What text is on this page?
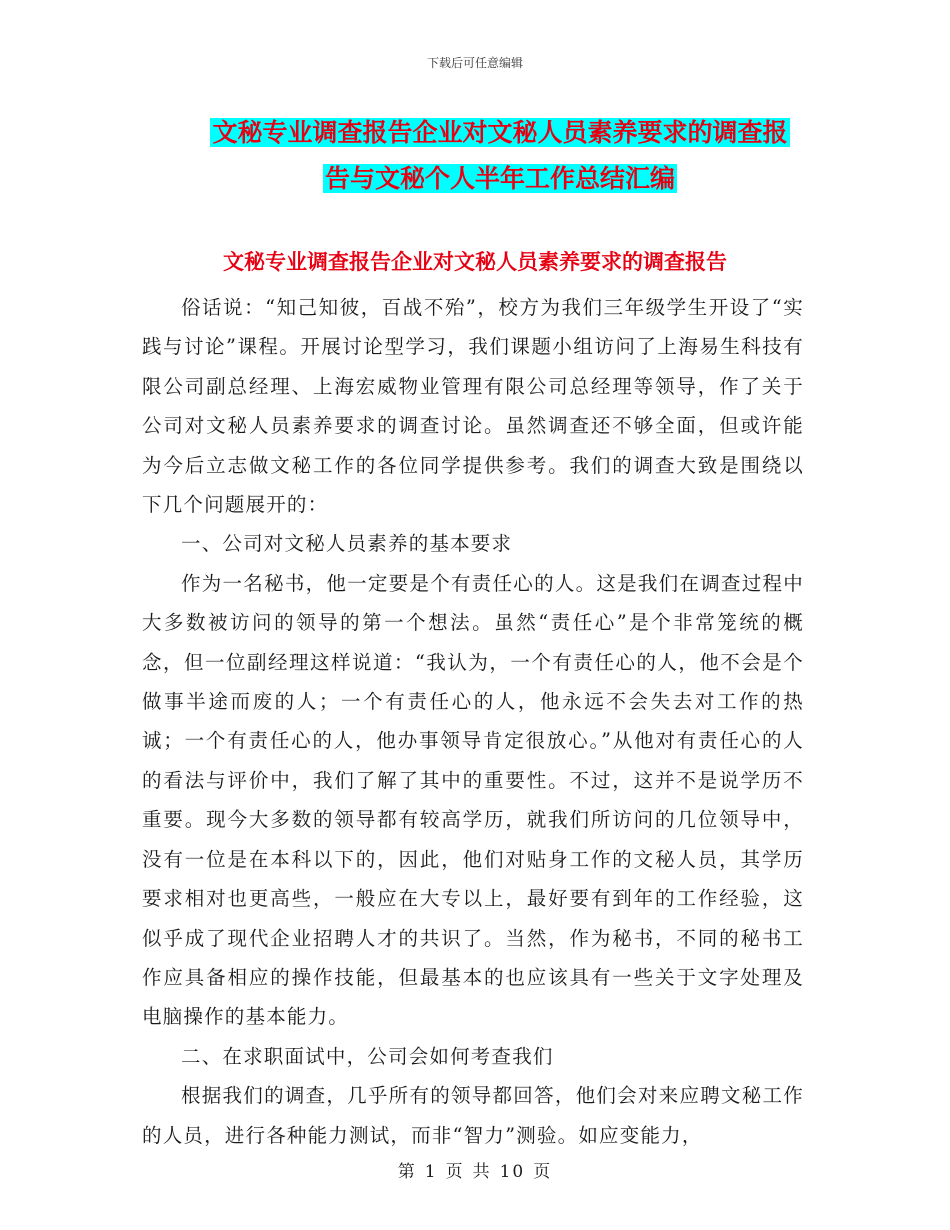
下载后可任意编辑
文秘专业调查报告企业对文秘人员素养要求的调查报
告与文秘个人半年工作总结汇编
文秘专业调查报告企业对文秘人员素养要求的调查报告

俗话说：“知己知彼，百战不殆”，校方为我们三年级学生开设了“实践与讨论”课程。开展讨论型学习，我们课题小组访问了上海易生科技有限公司副总经理、上海宏威物业管理有限公司总经理等领导，作了关于公司对文秘人员素养要求的调查讨论。虽然调查还不够全面，但或许能为今后立志做文秘工作的各位同学提供参考。我们的调查大致是围绕以下几个问题展开的：

一、公司对文秘人员素养的基本要求

作为一名秘书，他一定要是个有责任心的人。这是我们在调查过程中大多数被访问的领导的第一个想法。虽然“责任心”是个非常笼统的概念，但一位副经理这样说道：“我认为，一个有责任心的人，他不会是个做事半途而废的人；一个有责任心的人，他永远不会失去对工作的热诚；一个有责任心的人，他办事领导肯定很放心。”从他对有责任心的人的看法与评价中，我们了解了其中的重要性。不过，这并不是说学历不重要。现今大多数的领导都有较高学历，就我们所访问的几位领导中，没有一位是在本科以下的，因此，他们对贴身工作的文秘人员，其学历要求相对也更高些，一般应在大专以上，最好要有到年的工作经验，这似乎成了现代企业招聘人才的共识了。当然，作为秘书，不同的秘书工作应具备相应的操作技能，但最基本的也应该具有一些关于文字处理及电脑操作的基本能力。

二、在求职面试中，公司会如何考查我们

根据我们的调查，几乎所有的领导都回答，他们会对来应聘文秘工作的人员，进行各种能力测试，而非“智力”测验。如应变能力，

第 1 页 共 10 页
